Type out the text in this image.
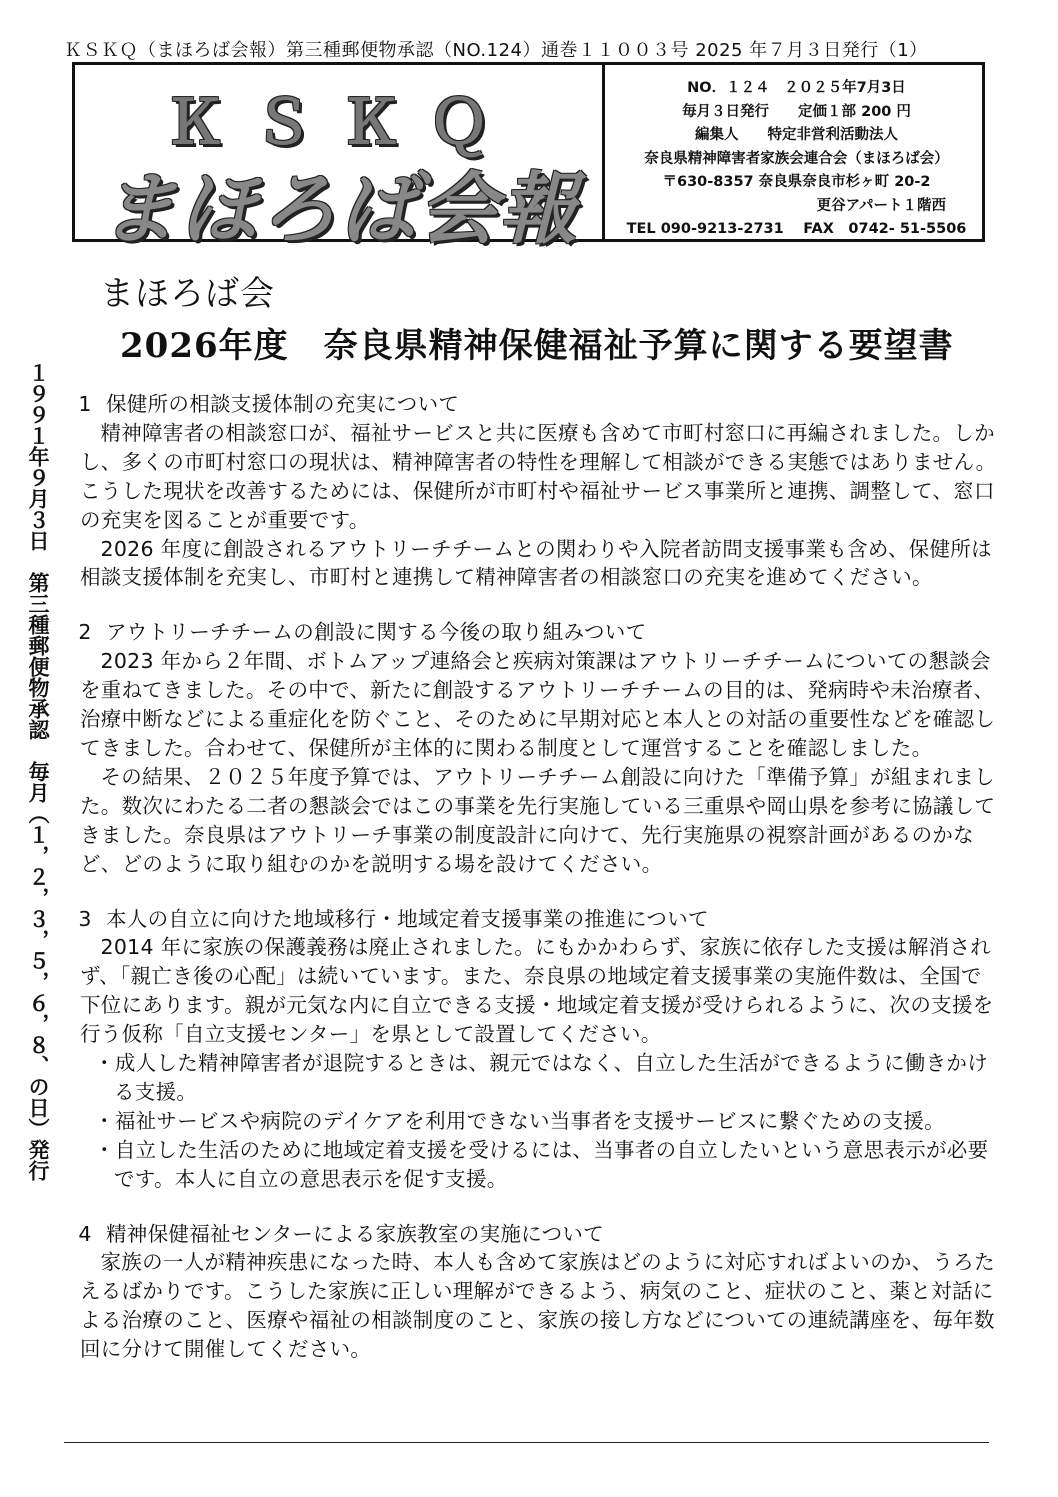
ＫＳＫＱ（まほろば会報）第三種郵便物承認（NO.124）通巻１１００３号 2025 年７月３日発行（1）
ＫＳＫＱ
まほろば会報
NO．１２４　２０２５年7月3日
毎月３日発行　　定価１部 200 円
編集人　　特定非営利活動法人
奈良県精神障害者家族会連合会（まほろば会）
〒630-8357 奈良県奈良市杉ヶ町 20-2
更谷アパート１階西
TEL 090-9213-2731　 FAX　0742- 51-5506
まほろば会
2026年度　奈良県精神保健福祉予算に関する要望書
１９９１年９月３日　第三種郵便物承認　毎月（１，２，３，５，６，８、の日）発行	1 保健所の相談支援体制の充実について
精神障害者の相談窓口が、福祉サービスと共に医療も含めて市町村窓口に再編されました。しかし、多くの市町村窓口の現状は、精神障害者の特性を理解して相談ができる実態ではありません。こうした現状を改善するためには、保健所が市町村や福祉サービス事業所と連携、調整して、窓口の充実を図ることが重要です。
2026 年度に創設されるアウトリーチチームとの関わりや入院者訪問支援事業も含め、保健所は相談支援体制を充実し、市町村と連携して精神障害者の相談窓口の充実を進めてください。
2 アウトリーチチームの創設に関する今後の取り組みついて
2023 年から２年間、ボトムアップ連絡会と疾病対策課はアウトリーチチームについての懇談会を重ねてきました。その中で、新たに創設するアウトリーチチームの目的は、発病時や未治療者、治療中断などによる重症化を防ぐこと、そのために早期対応と本人との対話の重要性などを確認してきました。合わせて、保健所が主体的に関わる制度として運営することを確認しました。
その結果、２０２５年度予算では、アウトリーチチーム創設に向けた「準備予算」が組まれました。数次にわたる二者の懇談会ではこの事業を先行実施している三重県や岡山県を参考に協議してきました。奈良県はアウトリーチ事業の制度設計に向けて、先行実施県の視察計画があるのかなど、どのように取り組むのかを説明する場を設けてください。
3 本人の自立に向けた地域移行・地域定着支援事業の推進について
2014 年に家族の保護義務は廃止されました。にもかかわらず、家族に依存した支援は解消されず、「親亡き後の心配」は続いています。また、奈良県の地域定着支援事業の実施件数は、全国で下位にあります。親が元気な内に自立できる支援・地域定着支援が受けられるように、次の支援を行う仮称「自立支援センター」を県として設置してください。
・ 成人した精神障害者が退院するときは、親元ではなく、自立した生活ができるように働きかける支援。
・ 福祉サービスや病院のデイケアを利用できない当事者を支援サービスに繋ぐための支援。
・ 自立した生活のために地域定着支援を受けるには、当事者の自立したいという意思表示が必要です。本人に自立の意思表示を促す支援。
4 精神保健福祉センターによる家族教室の実施について
家族の一人が精神疾患になった時、本人も含めて家族はどのように対応すればよいのか、うろたえるばかりです。こうした家族に正しい理解ができるよう、病気のこと、症状のこと、薬と対話による治療のこと、医療や福祉の相談制度のこと、家族の接し方などについての連続講座を、毎年数回に分けて開催してください。
